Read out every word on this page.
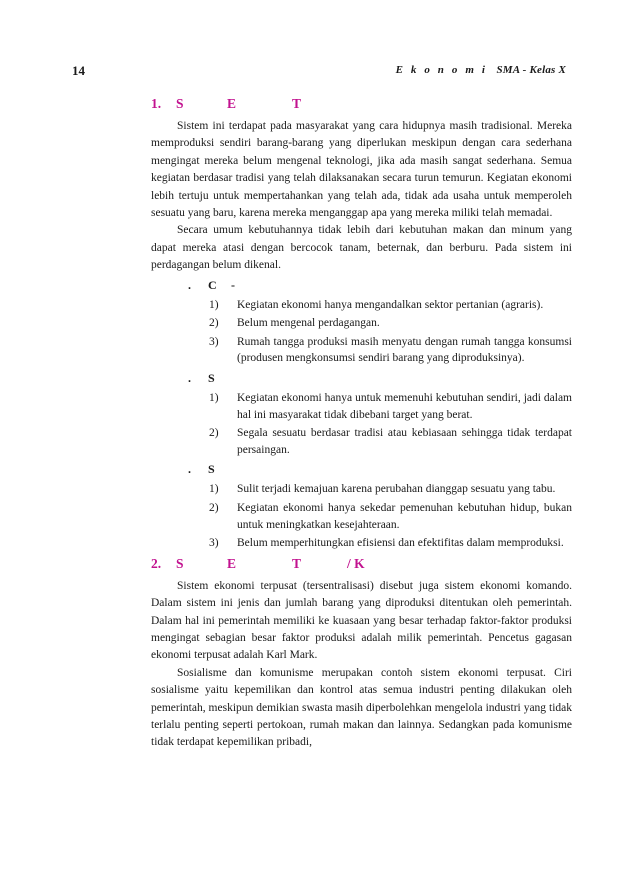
14	E k o n o m i SMA - Kelas X
1. S	E	T

Sistem ini terdapat pada masyarakat yang cara hidupnya masih tradisional. Mereka memproduksi sendiri barang-barang yang diperlukan meskipun dengan cara sederhana mengingat mereka belum mengenal teknologi, jika ada masih sangat sederhana. Semua kegiatan berdasar tradisi yang telah dilaksanakan secara turun temurun. Kegiatan ekonomi lebih tertuju untuk mempertahankan yang telah ada, tidak ada usaha untuk memperoleh sesuatu yang baru, karena mereka menganggap apa yang mereka miliki telah memadai.

Secara umum kebutuhannya tidak lebih dari kebutuhan makan dan minum yang dapat mereka atasi dengan bercocok tanam, beternak, dan berburu. Pada sistem ini perdagangan belum dikenal.

. C -
1) Kegiatan ekonomi hanya mengandalkan sektor pertanian (agraris).
2) Belum mengenal perdagangan.
3) Rumah tangga produksi masih menyatu dengan rumah tangga konsumsi (produsen mengkonsumsi sendiri barang yang diproduksinya).
. S
1) Kegiatan ekonomi hanya untuk memenuhi kebutuhan sendiri, jadi dalam hal ini masyarakat tidak dibebani target yang berat.
2) Segala sesuatu berdasar tradisi atau kebiasaan sehingga tidak terdapat persaingan.
. S
1) Sulit terjadi kemajuan karena perubahan dianggap sesuatu yang tabu.
2) Kegiatan ekonomi hanya sekedar pemenuhan kebutuhan hidup, bukan untuk meningkatkan kesejahteraan.
3) Belum memperhitungkan efisiensi dan efektifitas dalam memproduksi.
2. S	E	T	/ K

Sistem ekonomi terpusat (tersentralisasi) disebut juga sistem ekonomi komando. Dalam sistem ini jenis dan jumlah barang yang diproduksi ditentukan oleh pemerintah. Dalam hal ini pemerintah memiliki ke kuasaan yang besar terhadap faktor-faktor produksi mengingat sebagian besar faktor produksi adalah milik pemerintah. Pencetus gagasan ekonomi terpusat adalah Karl Mark.

Sosialisme dan komunisme merupakan contoh sistem ekonomi terpusat. Ciri sosialisme yaitu kepemilikan dan kontrol atas semua industri penting dilakukan oleh pemerintah, meskipun demikian swasta masih diperbolehkan mengelola industri yang tidak terlalu penting seperti pertokoan, rumah makan dan lainnya. Sedangkan pada komunisme tidak terdapat kepemilikan pribadi,
